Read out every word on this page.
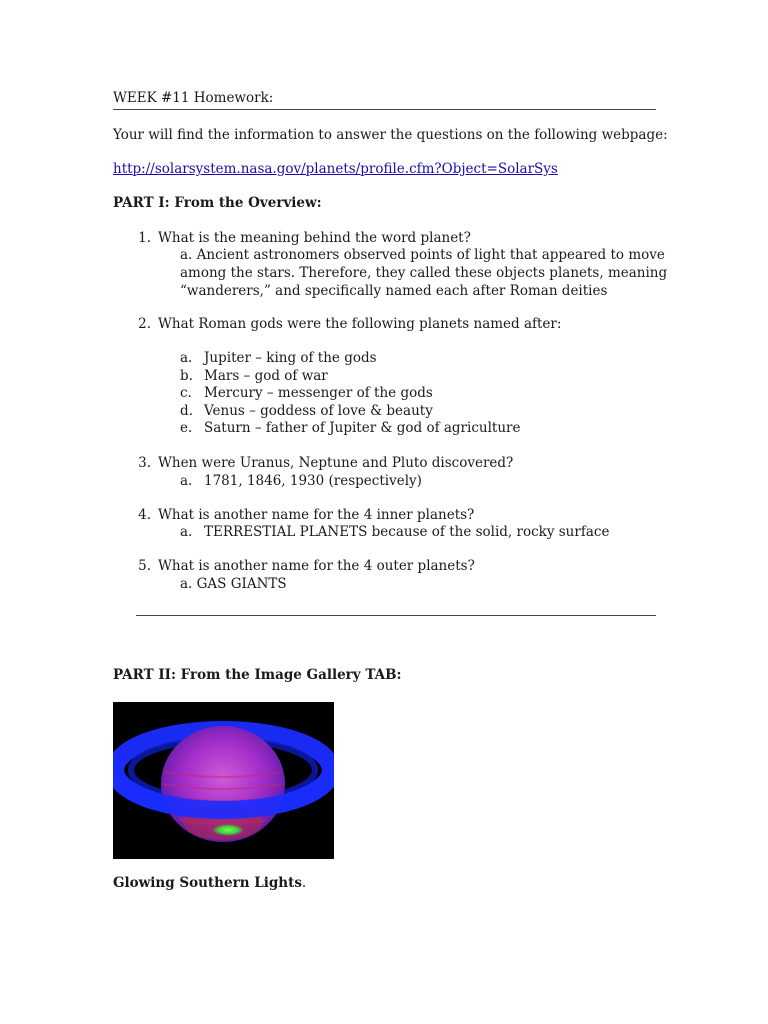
WEEK #11 Homework:
Your will find the information to answer the questions on the following webpage:
http://solarsystem.nasa.gov/planets/profile.cfm?Object=SolarSys
PART I: From the Overview:
1. What is the meaning behind the word planet?
a. Ancient astronomers observed points of light that appeared to move
among the stars. Therefore, they called these objects planets, meaning
“wanderers,” and specifically named each after Roman deities
2. What Roman gods were the following planets named after:
a. Jupiter – king of the gods
b. Mars – god of war
c. Mercury – messenger of the gods
d. Venus – goddess of love & beauty
e. Saturn – father of Jupiter & god of agriculture
3. When were Uranus, Neptune and Pluto discovered?
a. 1781, 1846, 1930 (respectively)
4. What is another name for the 4 inner planets?
a. TERRESTIAL PLANETS because of the solid, rocky surface
5. What is another name for the 4 outer planets?
a. GAS GIANTS
PART II: From the Image Gallery TAB:
Glowing Southern Lights.
